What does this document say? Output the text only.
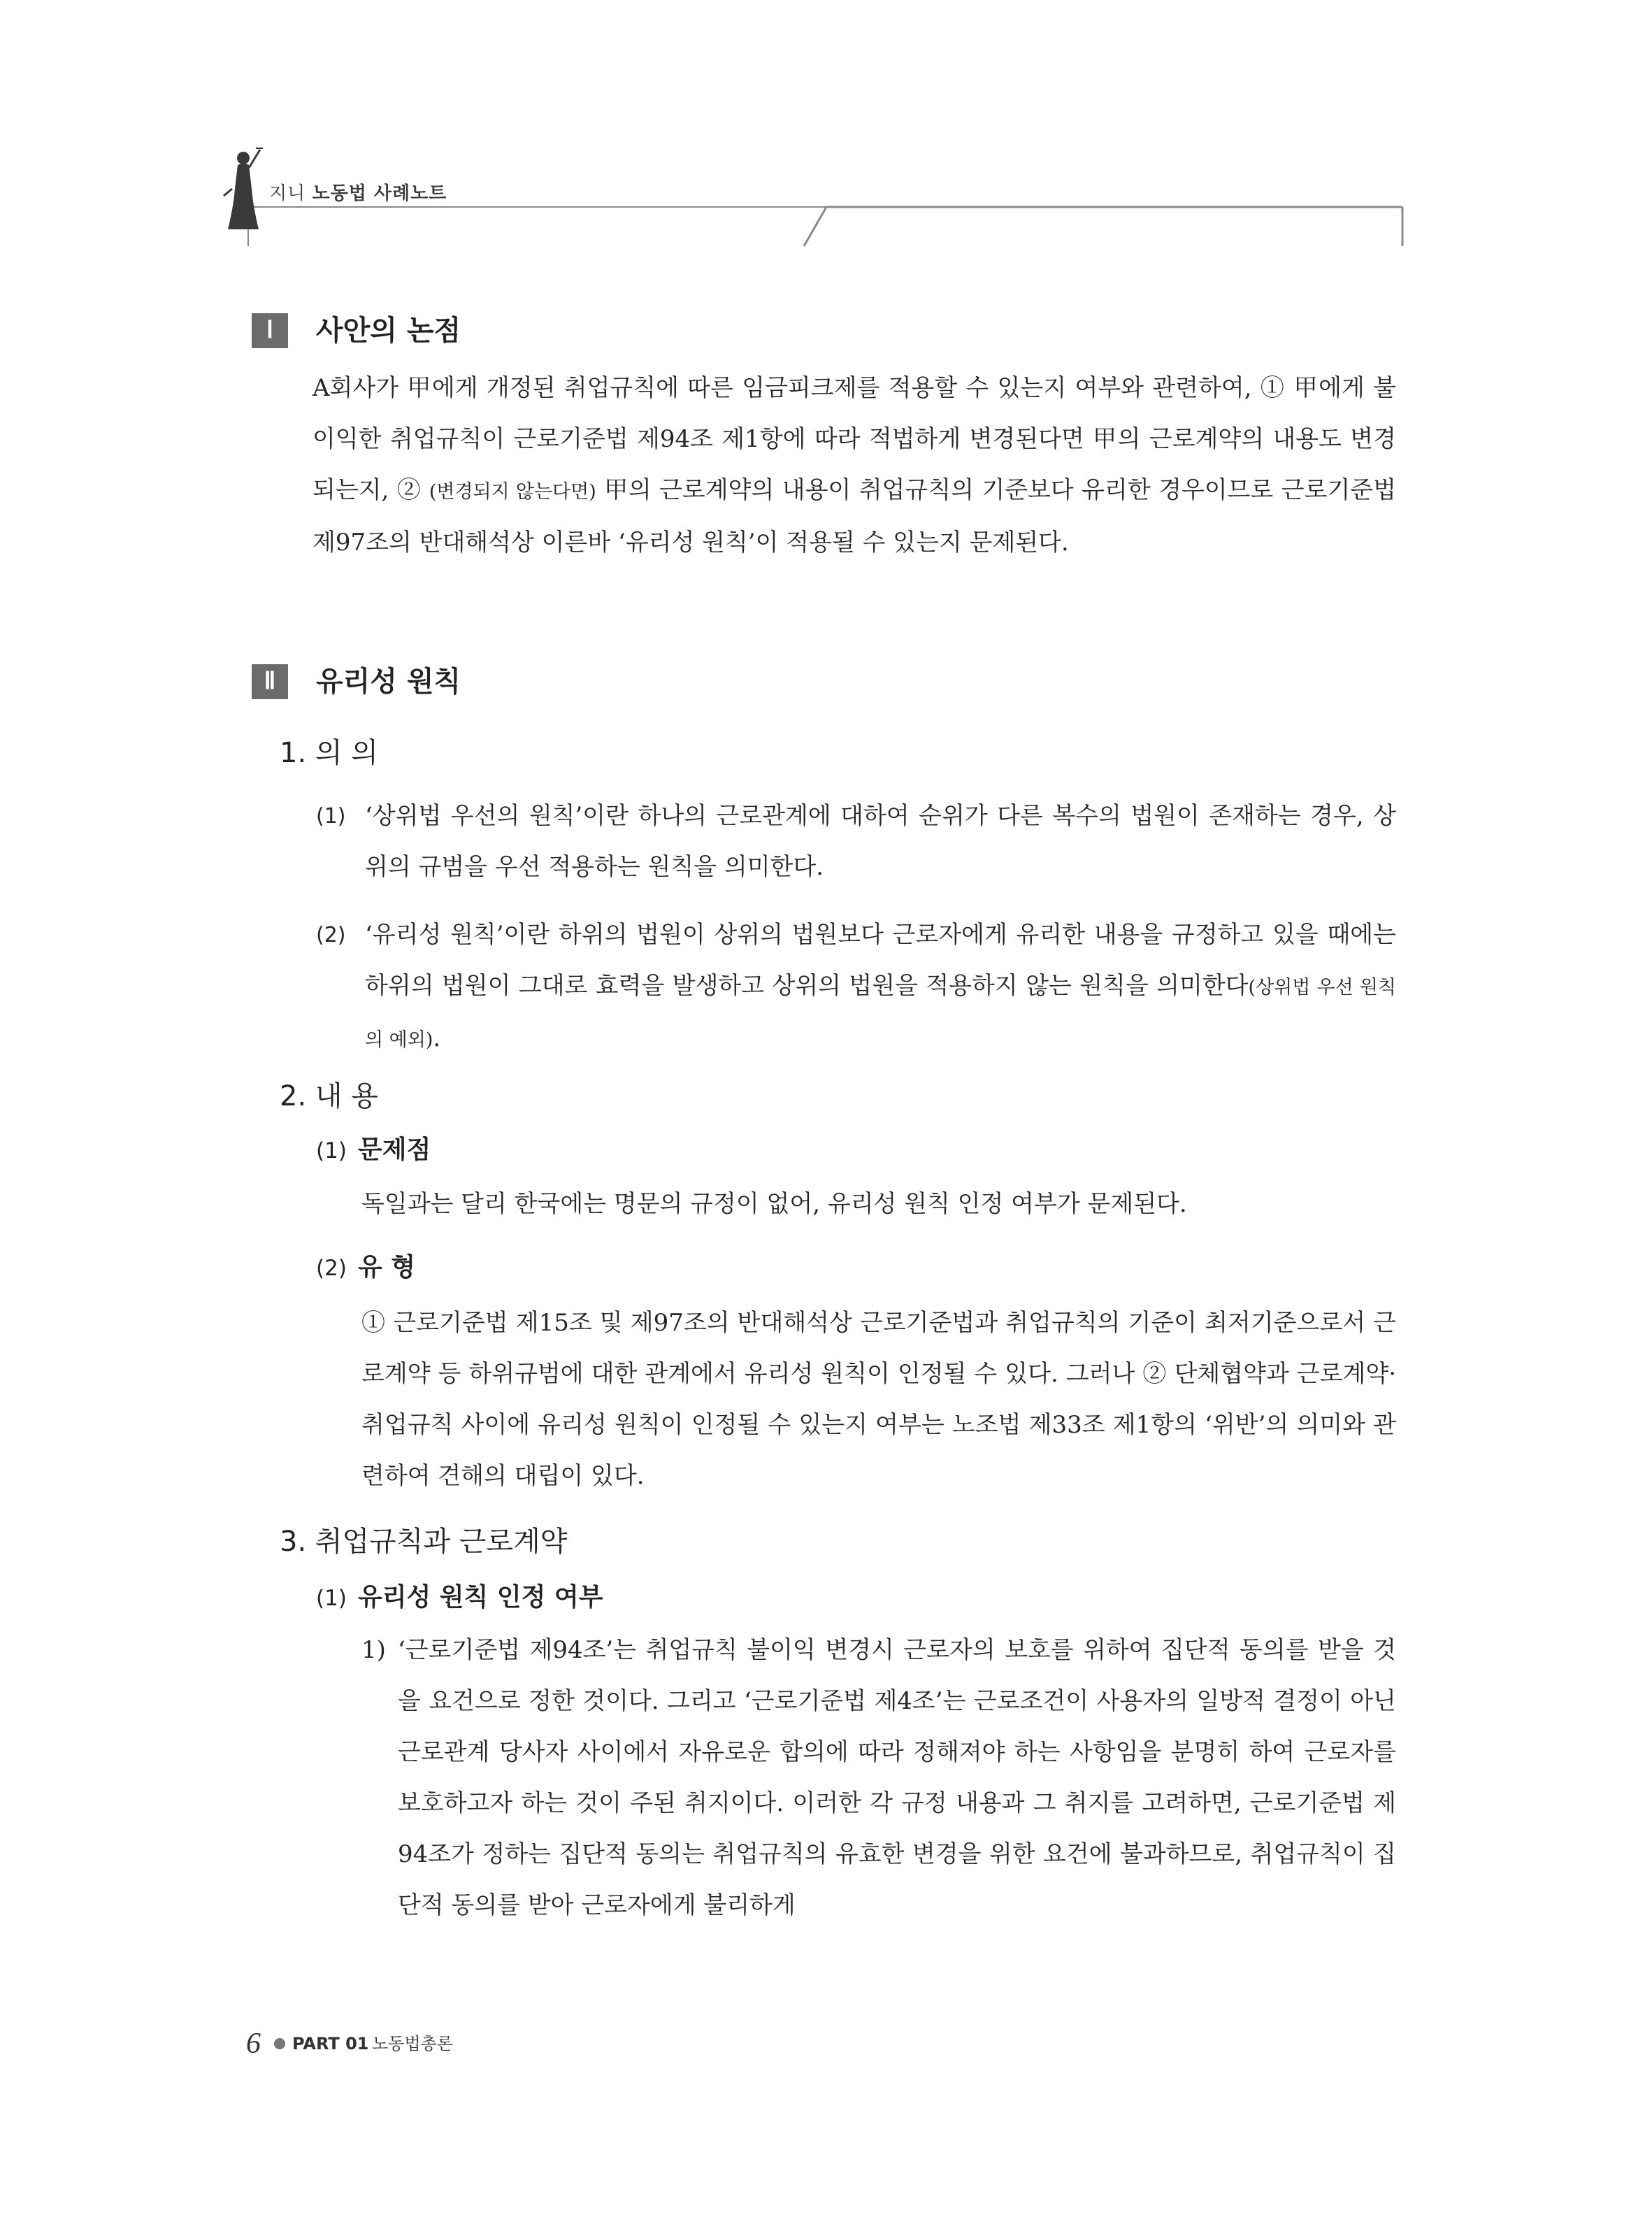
지니 노동법 사례노트
Ⅰ	사안의 논점
A회사가 甲에게 개정된 취업규칙에 따른 임금피크제를 적용할 수 있는지 여부와 관련하여, ① 甲에게 불이익한 취업규칙이 근로기준법 제94조 제1항에 따라 적법하게 변경된다면 甲의 근로계약의 내용도 변경되는지, ② (변경되지 않는다면) 甲의 근로계약의 내용이 취업규칙의 기준보다 유리한 경우이므로 근로기준법 제97조의 반대해석상 이른바 ‘유리성 원칙’이 적용될 수 있는지 문제된다.
Ⅱ	유리성 원칙
1. 의 의
(1) ‘상위법 우선의 원칙’이란 하나의 근로관계에 대하여 순위가 다른 복수의 법원이 존재하는 경우, 상위의 규범을 우선 적용하는 원칙을 의미한다.
(2) ‘유리성 원칙’이란 하위의 법원이 상위의 법원보다 근로자에게 유리한 내용을 규정하고 있을 때에는 하위의 법원이 그대로 효력을 발생하고 상위의 법원을 적용하지 않는 원칙을 의미한다(상위법 우선 원칙의 예외).
2. 내 용
(1) 문제점
독일과는 달리 한국에는 명문의 규정이 없어, 유리성 원칙 인정 여부가 문제된다.
(2) 유 형
① 근로기준법 제15조 및 제97조의 반대해석상 근로기준법과 취업규칙의 기준이 최저기준으로서 근로계약 등 하위규범에 대한 관계에서 유리성 원칙이 인정될 수 있다. 그러나 ② 단체협약과 근로계약·취업규칙 사이에 유리성 원칙이 인정될 수 있는지 여부는 노조법 제33조 제1항의 ‘위반’의 의미와 관련하여 견해의 대립이 있다.
3. 취업규칙과 근로계약
(1) 유리성 원칙 인정 여부
1) ‘근로기준법 제94조’는 취업규칙 불이익 변경시 근로자의 보호를 위하여 집단적 동의를 받을 것을 요건으로 정한 것이다. 그리고 ‘근로기준법 제4조’는 근로조건이 사용자의 일방적 결정이 아닌 근로관계 당사자 사이에서 자유로운 합의에 따라 정해져야 하는 사항임을 분명히 하여 근로자를 보호하고자 하는 것이 주된 취지이다. 이러한 각 규정 내용과 그 취지를 고려하면, 근로기준법 제94조가 정하는 집단적 동의는 취업규칙의 유효한 변경을 위한 요건에 불과하므로, 취업규칙이 집단적 동의를 받아 근로자에게 불리하게
6 PART 01 노동법총론
